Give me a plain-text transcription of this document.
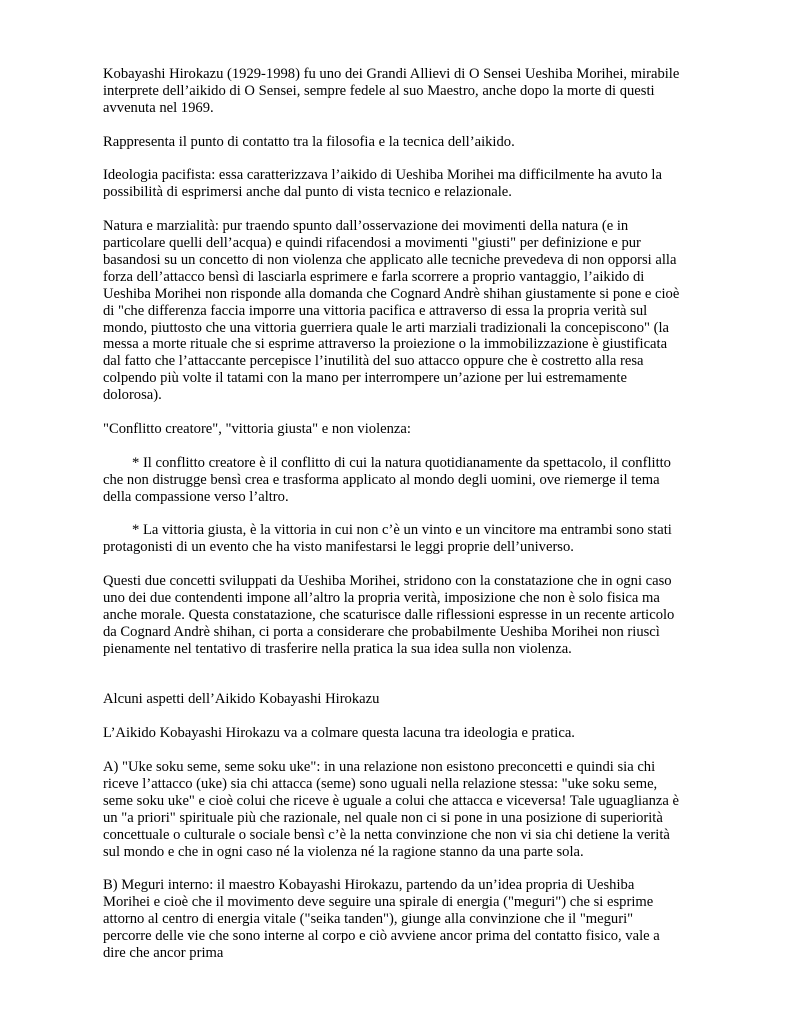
Kobayashi Hirokazu (1929-1998) fu uno dei Grandi Allievi di O Sensei Ueshiba Morihei, mirabile interprete dell’aikido di O Sensei, sempre fedele al suo Maestro, anche dopo la morte di questi avvenuta nel 1969.

Rappresenta il punto di contatto tra la filosofia e la tecnica dell’aikido.

Ideologia pacifista: essa caratterizzava l’aikido di Ueshiba Morihei ma difficilmente ha avuto la possibilità di esprimersi anche dal punto di vista tecnico e relazionale.

Natura e marzialità: pur traendo spunto dall’osservazione dei movimenti della natura (e in particolare quelli dell’acqua) e quindi rifacendosi a movimenti "giusti" per definizione e pur basandosi su un concetto di non violenza che applicato alle tecniche prevedeva di non opporsi alla forza dell’attacco bensì di lasciarla esprimere e farla scorrere a proprio vantaggio, l’aikido di Ueshiba Morihei non risponde alla domanda che Cognard Andrè shihan giustamente si pone e cioè di "che differenza faccia imporre una vittoria pacifica e attraverso di essa la propria verità sul mondo, piuttosto che una vittoria guerriera quale le arti marziali tradizionali la concepiscono" (la messa a morte rituale che si esprime attraverso la proiezione o la immobilizzazione è giustificata dal fatto che l’attaccante percepisce l’inutilità del suo attacco oppure che è costretto alla resa colpendo più volte il tatami con la mano per interrompere un’azione per lui estremamente dolorosa).

"Conflitto creatore", "vittoria giusta" e non violenza:

* Il conflitto creatore è il conflitto di cui la natura quotidianamente da spettacolo, il conflitto che non distrugge bensì crea e trasforma applicato al mondo degli uomini, ove riemerge il tema della compassione verso l’altro.

* La vittoria giusta, è la vittoria in cui non c’è un vinto e un vincitore ma entrambi sono stati protagonisti di un evento che ha visto manifestarsi le leggi proprie dell’universo.

Questi due concetti sviluppati da Ueshiba Morihei, stridono con la constatazione che in ogni caso uno dei due contendenti impone all’altro la propria verità, imposizione che non è solo fisica ma anche morale. Questa constatazione, che scaturisce dalle riflessioni espresse in un recente articolo da Cognard Andrè shihan, ci porta a considerare che probabilmente Ueshiba Morihei non riuscì pienamente nel tentativo di trasferire nella pratica la sua idea sulla non violenza.

Alcuni aspetti dell’Aikido Kobayashi Hirokazu

L’Aikido Kobayashi Hirokazu va a colmare questa lacuna tra ideologia e pratica.

A) "Uke soku seme, seme soku uke": in una relazione non esistono preconcetti e quindi sia chi riceve l’attacco (uke) sia chi attacca (seme) sono uguali nella relazione stessa: "uke soku seme, seme soku uke" e cioè colui che riceve è uguale a colui che attacca e viceversa! Tale uguaglianza è un "a priori" spirituale più che razionale, nel quale non ci si pone in una posizione di superiorità concettuale o culturale o sociale bensì c’è la netta convinzione che non vi sia chi detiene la verità sul mondo e che in ogni caso né la violenza né la ragione stanno da una parte sola.

B) Meguri interno: il maestro Kobayashi Hirokazu, partendo da un’idea propria di Ueshiba Morihei e cioè che il movimento deve seguire una spirale di energia ("meguri") che si esprime attorno al centro di energia vitale ("seika tanden"), giunge alla convinzione che il "meguri" percorre delle vie che sono interne al corpo e ciò avviene ancor prima del contatto fisico, vale a dire che ancor prima
